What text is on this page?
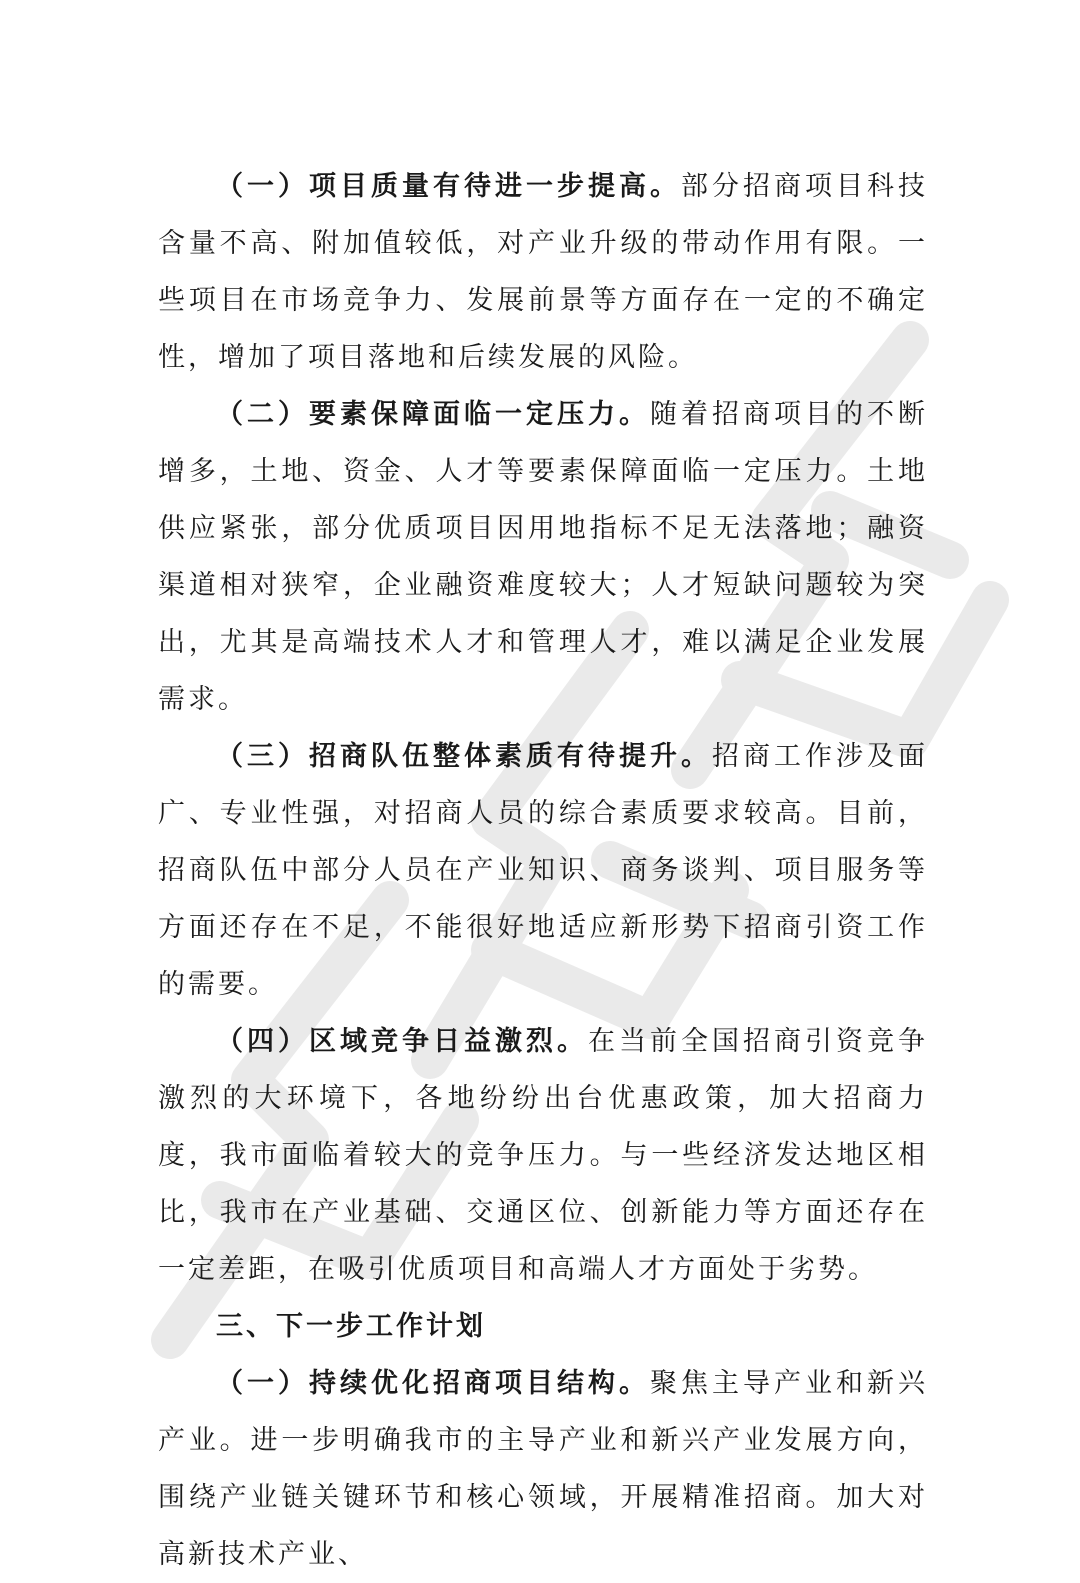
（一）项目质量有待进一步提高。部分招商项目科技含量不高、附加值较低，对产业升级的带动作用有限。一些项目在市场竞争力、发展前景等方面存在一定的不确定性，增加了项目落地和后续发展的风险。

（二）要素保障面临一定压力。随着招商项目的不断增多，土地、资金、人才等要素保障面临一定压力。土地供应紧张，部分优质项目因用地指标不足无法落地；融资渠道相对狭窄，企业融资难度较大；人才短缺问题较为突出，尤其是高端技术人才和管理人才，难以满足企业发展需求。

（三）招商队伍整体素质有待提升。招商工作涉及面广、专业性强，对招商人员的综合素质要求较高。目前，招商队伍中部分人员在产业知识、商务谈判、项目服务等方面还存在不足，不能很好地适应新形势下招商引资工作的需要。

（四）区域竞争日益激烈。在当前全国招商引资竞争激烈的大环境下，各地纷纷出台优惠政策，加大招商力度，我市面临着较大的竞争压力。与一些经济发达地区相比，我市在产业基础、交通区位、创新能力等方面还存在一定差距，在吸引优质项目和高端人才方面处于劣势。

三、下一步工作计划

（一）持续优化招商项目结构。聚焦主导产业和新兴产业。进一步明确我市的主导产业和新兴产业发展方向，围绕产业链关键环节和核心领域，开展精准招商。加大对高新技术产业、
